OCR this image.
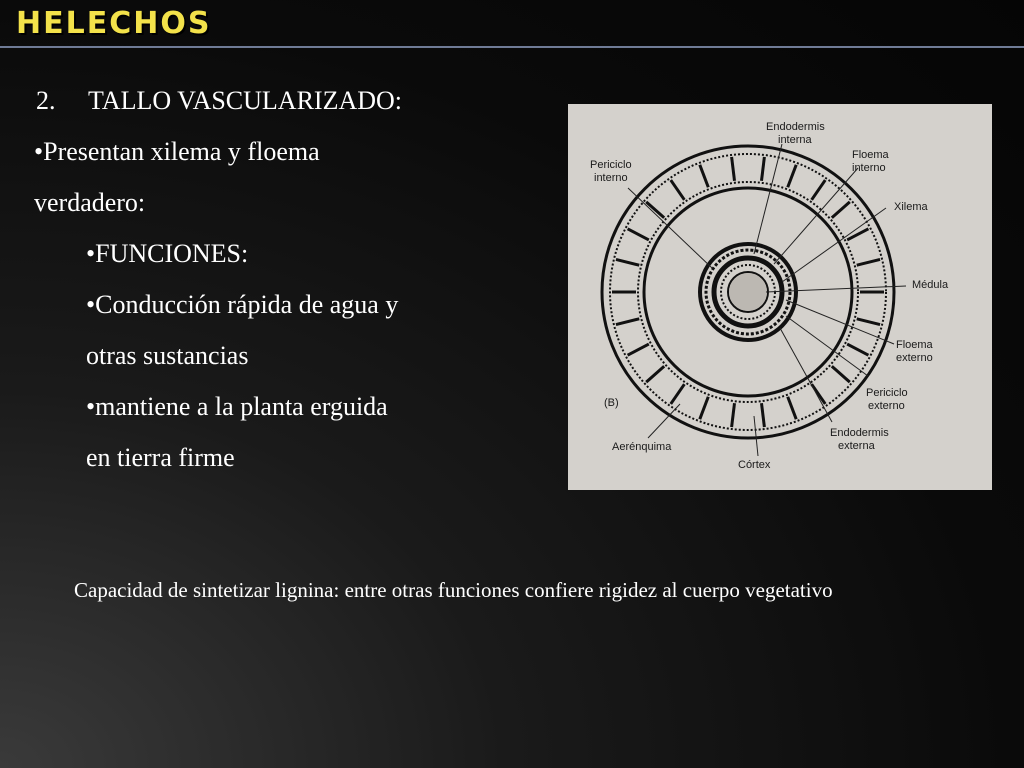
HELECHOS
2. TALLO VASCULARIZADO:
•Presentan xilema y floema
verdadero:
•FUNCIONES:
•Conducción rápida de agua y
otras sustancias
•mantiene a la planta erguida
en tierra firme
Endodermis
interna
Periciclo
interno
Floema
interno
Xilema
Médula
Floema
externo
Periciclo
externo
(B)
Endodermis
externa
Aerénquima
Córtex
Capacidad de sintetizar lignina: entre otras funciones confiere rigidez al cuerpo vegetativo
